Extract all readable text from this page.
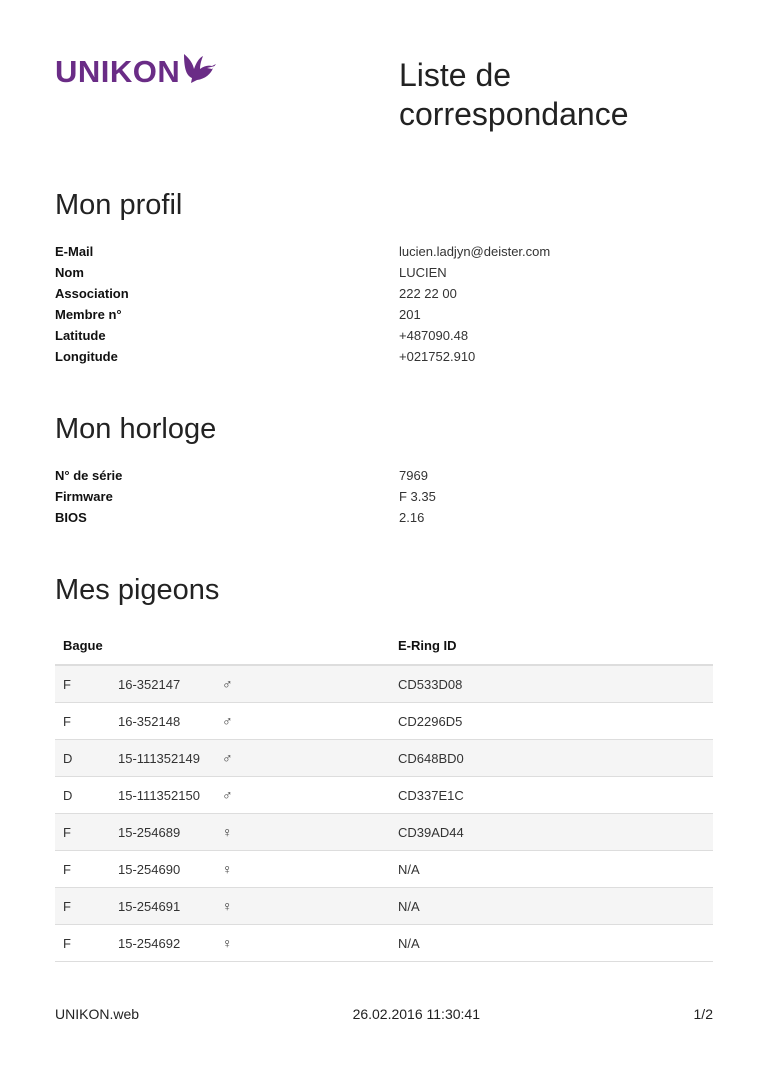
UNIKON	Liste de
correspondance
Mon profil
E-Mail	lucien.ladjyn@deister.com
Nom	LUCIEN
Association	222 22 00
Membre n°	201
Latitude	+487090.48
Longitude	+021752.910
Mon horloge
N° de série	7969
Firmware	F 3.35
BIOS	2.16
Mes pigeons
Bague			E-Ring ID
F	16-352147	♂	CD533D08
F	16-352148	♂	CD2296D5
D	15-111352149	♂	CD648BD0
D	15-111352150	♂	CD337E1C
F	15-254689	♀	CD39AD44
F	15-254690	♀	N/A
F	15-254691	♀	N/A
F	15-254692	♀	N/A
UNIKON.web	26.02.2016 11:30:41	1/2
